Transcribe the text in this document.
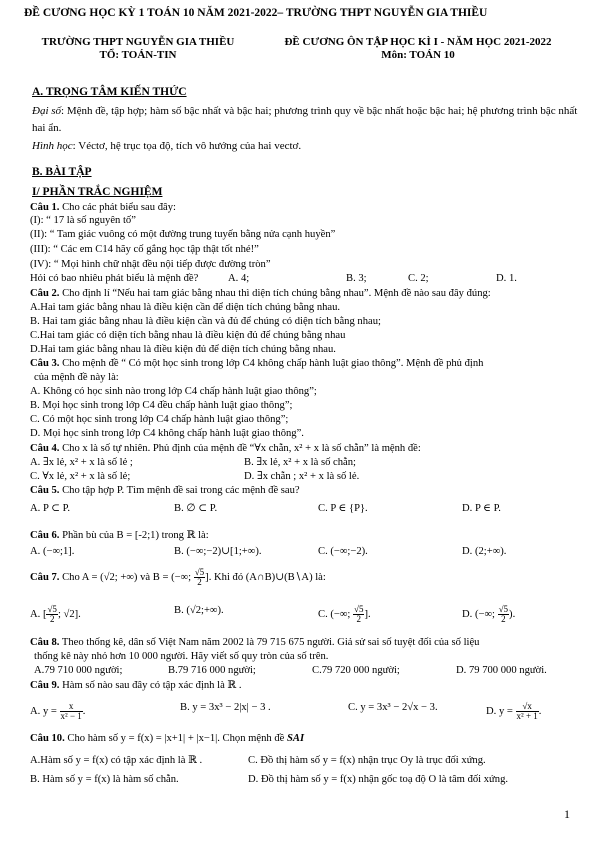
ĐỀ CƯƠNG HỌC KỲ 1 TOÁN 10 NĂM 2021-2022– TRƯỜNG THPT NGUYỄN GIA THIỀU
TRƯỜNG THPT NGUYỄN GIA THIỀU
TỔ: TOÁN-TIN
ĐỀ CƯƠNG ÔN TẬP HỌC KÌ I - NĂM HỌC 2021-2022
Môn: TOÁN 10
A. TRỌNG TÂM KIẾN THỨC
Đại số: Mệnh đề, tập hợp; hàm số bậc nhất và bậc hai; phương trình quy về bậc nhất hoặc bậc hai; hệ phương trình bậc nhất hai ẩn.
Hình học: Véctơ, hệ trục tọa độ, tích vô hướng của hai vectơ.
B. BÀI TẬP
I/ PHẦN TRẮC NGHIỆM
Câu 1. Cho các phát biểu sau đây:
(I): “ 17 là số nguyên tố”
(II): “ Tam giác vuông có một đường trung tuyến bằng nửa cạnh huyền”
(III): “ Các em C14 hãy cố gắng học tập thật tốt nhé!”
(IV): “ Mọi hình chữ nhật đều nội tiếp được đường tròn”
Hỏi có bao nhiêu phát biểu là mệnh đề?	A. 4;	B. 3;	C. 2;	D. 1.
Câu 2. Cho định lí “Nếu hai tam giác bằng nhau thì diện tích chúng bằng nhau”. Mệnh đề nào sau đây đúng:
A.Hai tam giác bằng nhau là điều kiện cần để diện tích chúng bằng nhau.
B. Hai tam giác bằng nhau là điều kiện cần và đủ để chúng có diện tích bằng nhau;
C.Hai tam giác có diện tích bằng nhau là điều kiện đủ để chúng bằng nhau
D.Hai tam giác bằng nhau là điều kiện đủ để diện tích chúng bằng nhau.
Câu 3. Cho mệnh đề “ Có một học sinh trong lớp C4 không chấp hành luật giao thông”. Mệnh đề phủ định
của mệnh đề này là:
A. Không có học sinh nào trong lớp C4 chấp hành luật giao thông”;
B. Mọi học sinh trong lớp C4 đều chấp hành luật giao thông”;
C. Có một học sinh trong lớp C4 chấp hành luật giao thông”;
D. Mọi học sinh trong lớp C4 không chấp hành luật giao thông”.
Câu 4. Cho x là số tự nhiên. Phủ định của mệnh đề “∀x chẵn, x² + x là số chẵn” là mệnh đề:
A. ∃x lẻ, x² + x là số lẻ ;	B. ∃x lẻ, x² + x là số chẵn;
C. ∀x lẻ, x² + x là số lẻ;	D. ∃x chẵn ; x² + x là số lẻ.
Câu 5. Cho tập hợp P. Tìm mệnh đề sai trong các mệnh đề sau?
A. P ⊂ P.	B. ∅ ⊂ P.	C. P ∈ {P}.	D. P ∈ P.
Câu 6. Phần bù của B = [-2;1) trong ℝ là:
A. (−∞;1].	B. (−∞;−2)∪[1;+∞).	C. (−∞;−2).	D. (2;+∞).
Câu 7. Cho A = (√2; +∞) và B = (−∞; $\frac{√5}{2}$ ]. Khi đó (A∩B)∪(B∖A) là:
A. [ $\frac{√5}{2}$ ; √2].	B. (√2;+∞).	C. (−∞; $\frac{√5}{2}$ ].	D. (−∞; $\frac{√5}{2}$ ).
Câu 8. Theo thống kê, dân số Việt Nam năm 2002 là 79 715 675 người. Giả sử sai số tuyệt đối của số liệu
thống kê này nhỏ hơn 10 000 người. Hãy viết số quy tròn của số trên.
A.79 710 000 người;	B.79 716 000 người;	C.79 720 000 người;	D. 79 700 000 người.
Câu 9. Hàm số nào sau đây có tập xác định là ℝ .
A. $y = \frac{x}{\text{x² − 1}}$ .	B. y = 3x³ − 2|x| − 3 .	C. y = 3x³ − 2√x − 3.	D. $y = \frac{√x}{\text{x² + 1}}$ .
Câu 10. Cho hàm số y = f(x) = |x+1| + |x−1|. Chọn mệnh đề SAI
A.Hàm số y = f(x) có tập xác định là ℝ .	C. Đồ thị hàm số y = f(x) nhận trục Oy là trục đối xứng.
B. Hàm số y = f(x) là hàm số chẵn.	D. Đồ thị hàm số y = f(x) nhận gốc toạ độ O là tâm đối xứng.
1
